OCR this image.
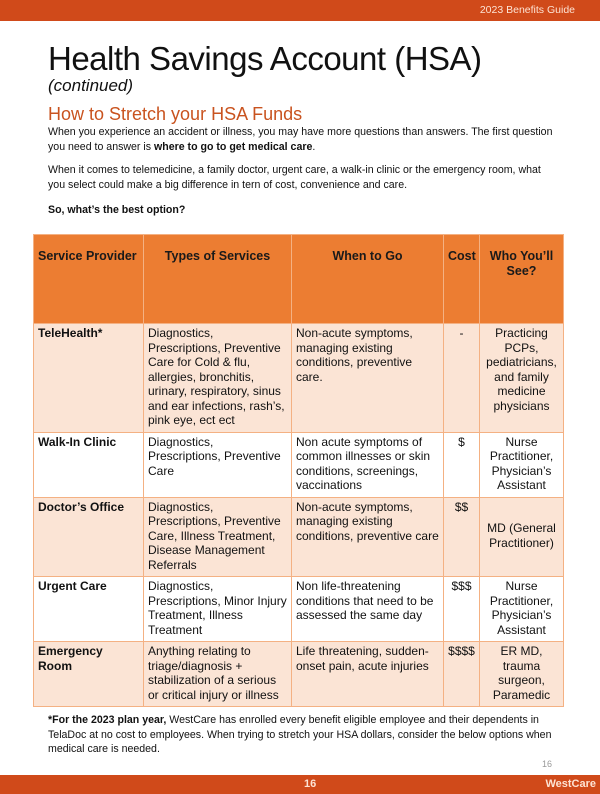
2023 Benefits Guide
Health Savings Account (HSA)
(continued)
How to Stretch your HSA Funds

When you experience an accident or illness, you may have more questions than answers. The first question you need to answer is where to go to get medical care.

When it comes to telemedicine, a family doctor, urgent care, a walk-in clinic or the emergency room, what you select could make a big difference in tern of cost, convenience and care.

So, what’s the best option?

Service Provider	Types of Services	When to Go	Cost	Who You’ll See?
TeleHealth*	Diagnostics, Prescriptions, Preventive Care for Cold & flu, allergies, bronchitis, urinary, respiratory, sinus and ear infections, rash’s, pink eye, ect ect	Non-acute symptoms, managing existing conditions, preventive care.	-	Practicing PCPs, pediatricians, and family medicine physicians
Walk-In Clinic	Diagnostics, Prescriptions, Preventive Care	Non acute symptoms of common illnesses or skin conditions, screenings, vaccinations	$	Nurse Practitioner, Physician’s Assistant
Doctor’s Office	Diagnostics, Prescriptions, Preventive Care, Illness Treatment, Disease Management Referrals	Non-acute symptoms, managing existing conditions, preventive care	$$	MD (General Practitioner)
Urgent Care	Diagnostics, Prescriptions, Minor Injury Treatment, Illness Treatment	Non life-threatening conditions that need to be assessed the same day	$$$	Nurse Practitioner, Physician’s Assistant
Emergency Room	Anything relating to triage/diagnosis + stabilization of a serious or critical injury or illness	Life threatening, sudden-onset pain, acute injuries	$$$$	ER MD, trauma surgeon, Paramedic

*For the 2023 plan year, WestCare has enrolled every benefit eligible employee and their dependents in TelaDoc at no cost to employees. When trying to stretch your HSA dollars, consider the below options when medical care is needed.

16
16	WestCare
